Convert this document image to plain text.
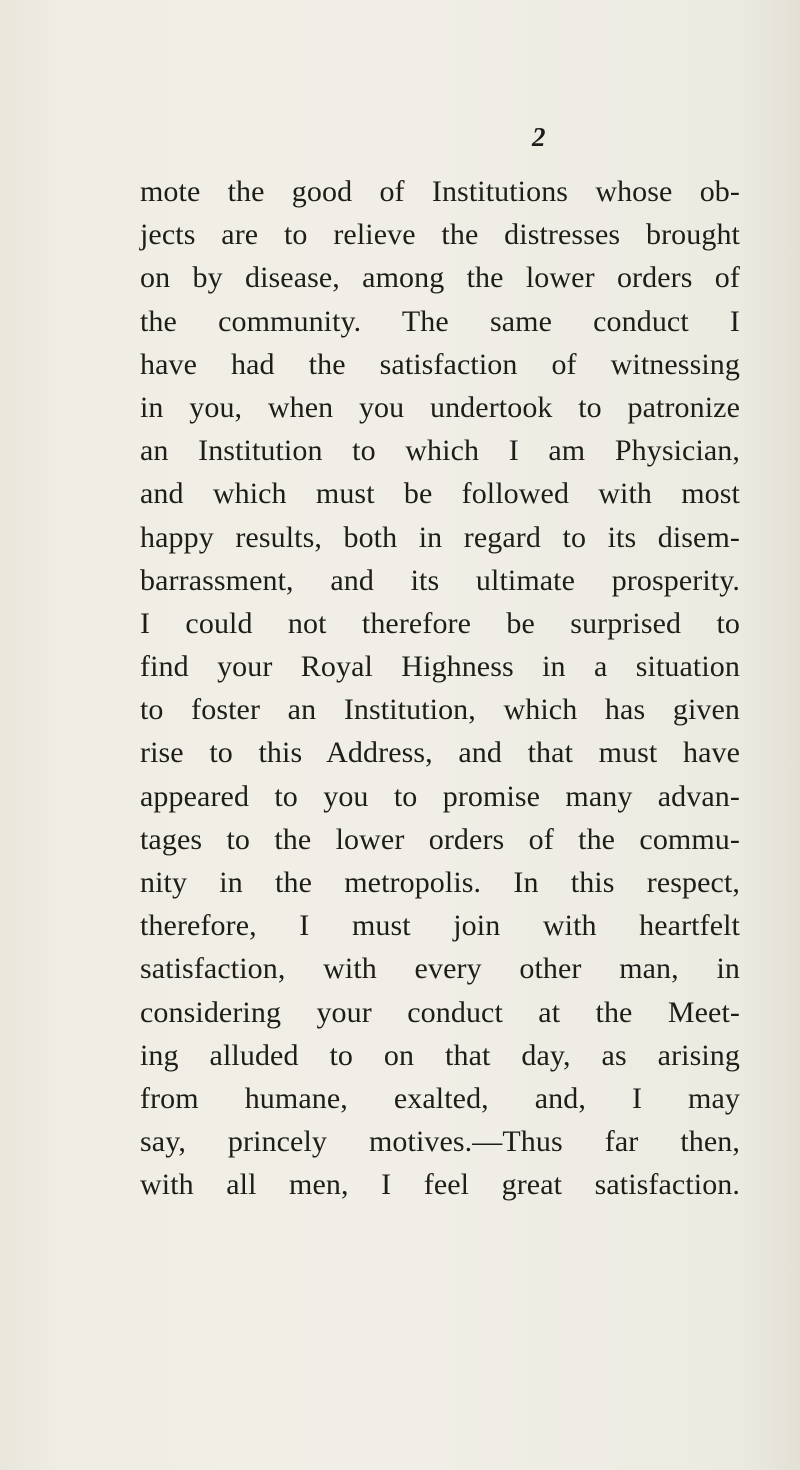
2
mote the good of Institutions whose ob-
jects are to relieve the distresses brought
on by disease, among the lower orders of
the community. The same conduct I
have had the satisfaction of witnessing
in you, when you undertook to patronize
an Institution to which I am Physician,
and which must be followed with most
happy results, both in regard to its disem-
barrassment, and its ultimate prosperity.
I could not therefore be surprised to
find your Royal Highness in a situation
to foster an Institution, which has given
rise to this Address, and that must have
appeared to you to promise many advan-
tages to the lower orders of the commu-
nity in the metropolis. In this respect,
therefore, I must join with heartfelt
satisfaction, with every other man, in
considering your conduct at the Meet-
ing alluded to on that day, as arising
from humane, exalted, and, I may
say, princely motives.—Thus far then,
with all men, I feel great satisfaction.
